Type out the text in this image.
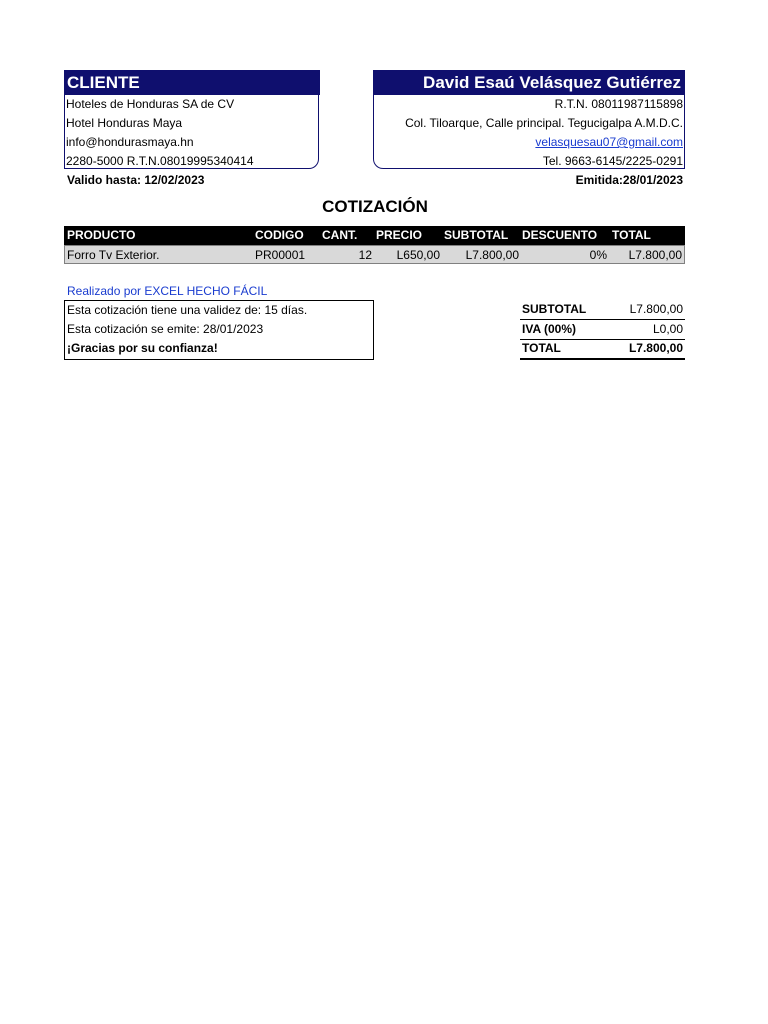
CLIENTE
Hoteles de Honduras SA de CV
Hotel Honduras Maya
info@hondurasmaya.hn
2280-5000 R.T.N.08019995340414
David Esaú Velásquez Gutiérrez
R.T.N. 08011987115898
Col. Tiloarque, Calle principal. Tegucigalpa A.M.D.C.
velasquesau07@gmail.com
Tel. 9663-6145/2225-0291
Valido hasta: 12/02/2023	Emitida:28/01/2023
COTIZACIÓN
PRODUCTO	CODIGO CANT. PRECIO SUBTOTAL DESCUENTO TOTAL
Forro Tv Exterior.	PR00001	12 L650,00 L7.800,00	0% L7.800,00
Realizado por EXCEL HECHO FÁCIL
Esta cotización tiene una validez de: 15 días.
Esta cotización se emite: 28/01/2023
¡Gracias por su confianza!
SUBTOTAL	L7.800,00
IVA (00%)	L0,00
TOTAL	L7.800,00
